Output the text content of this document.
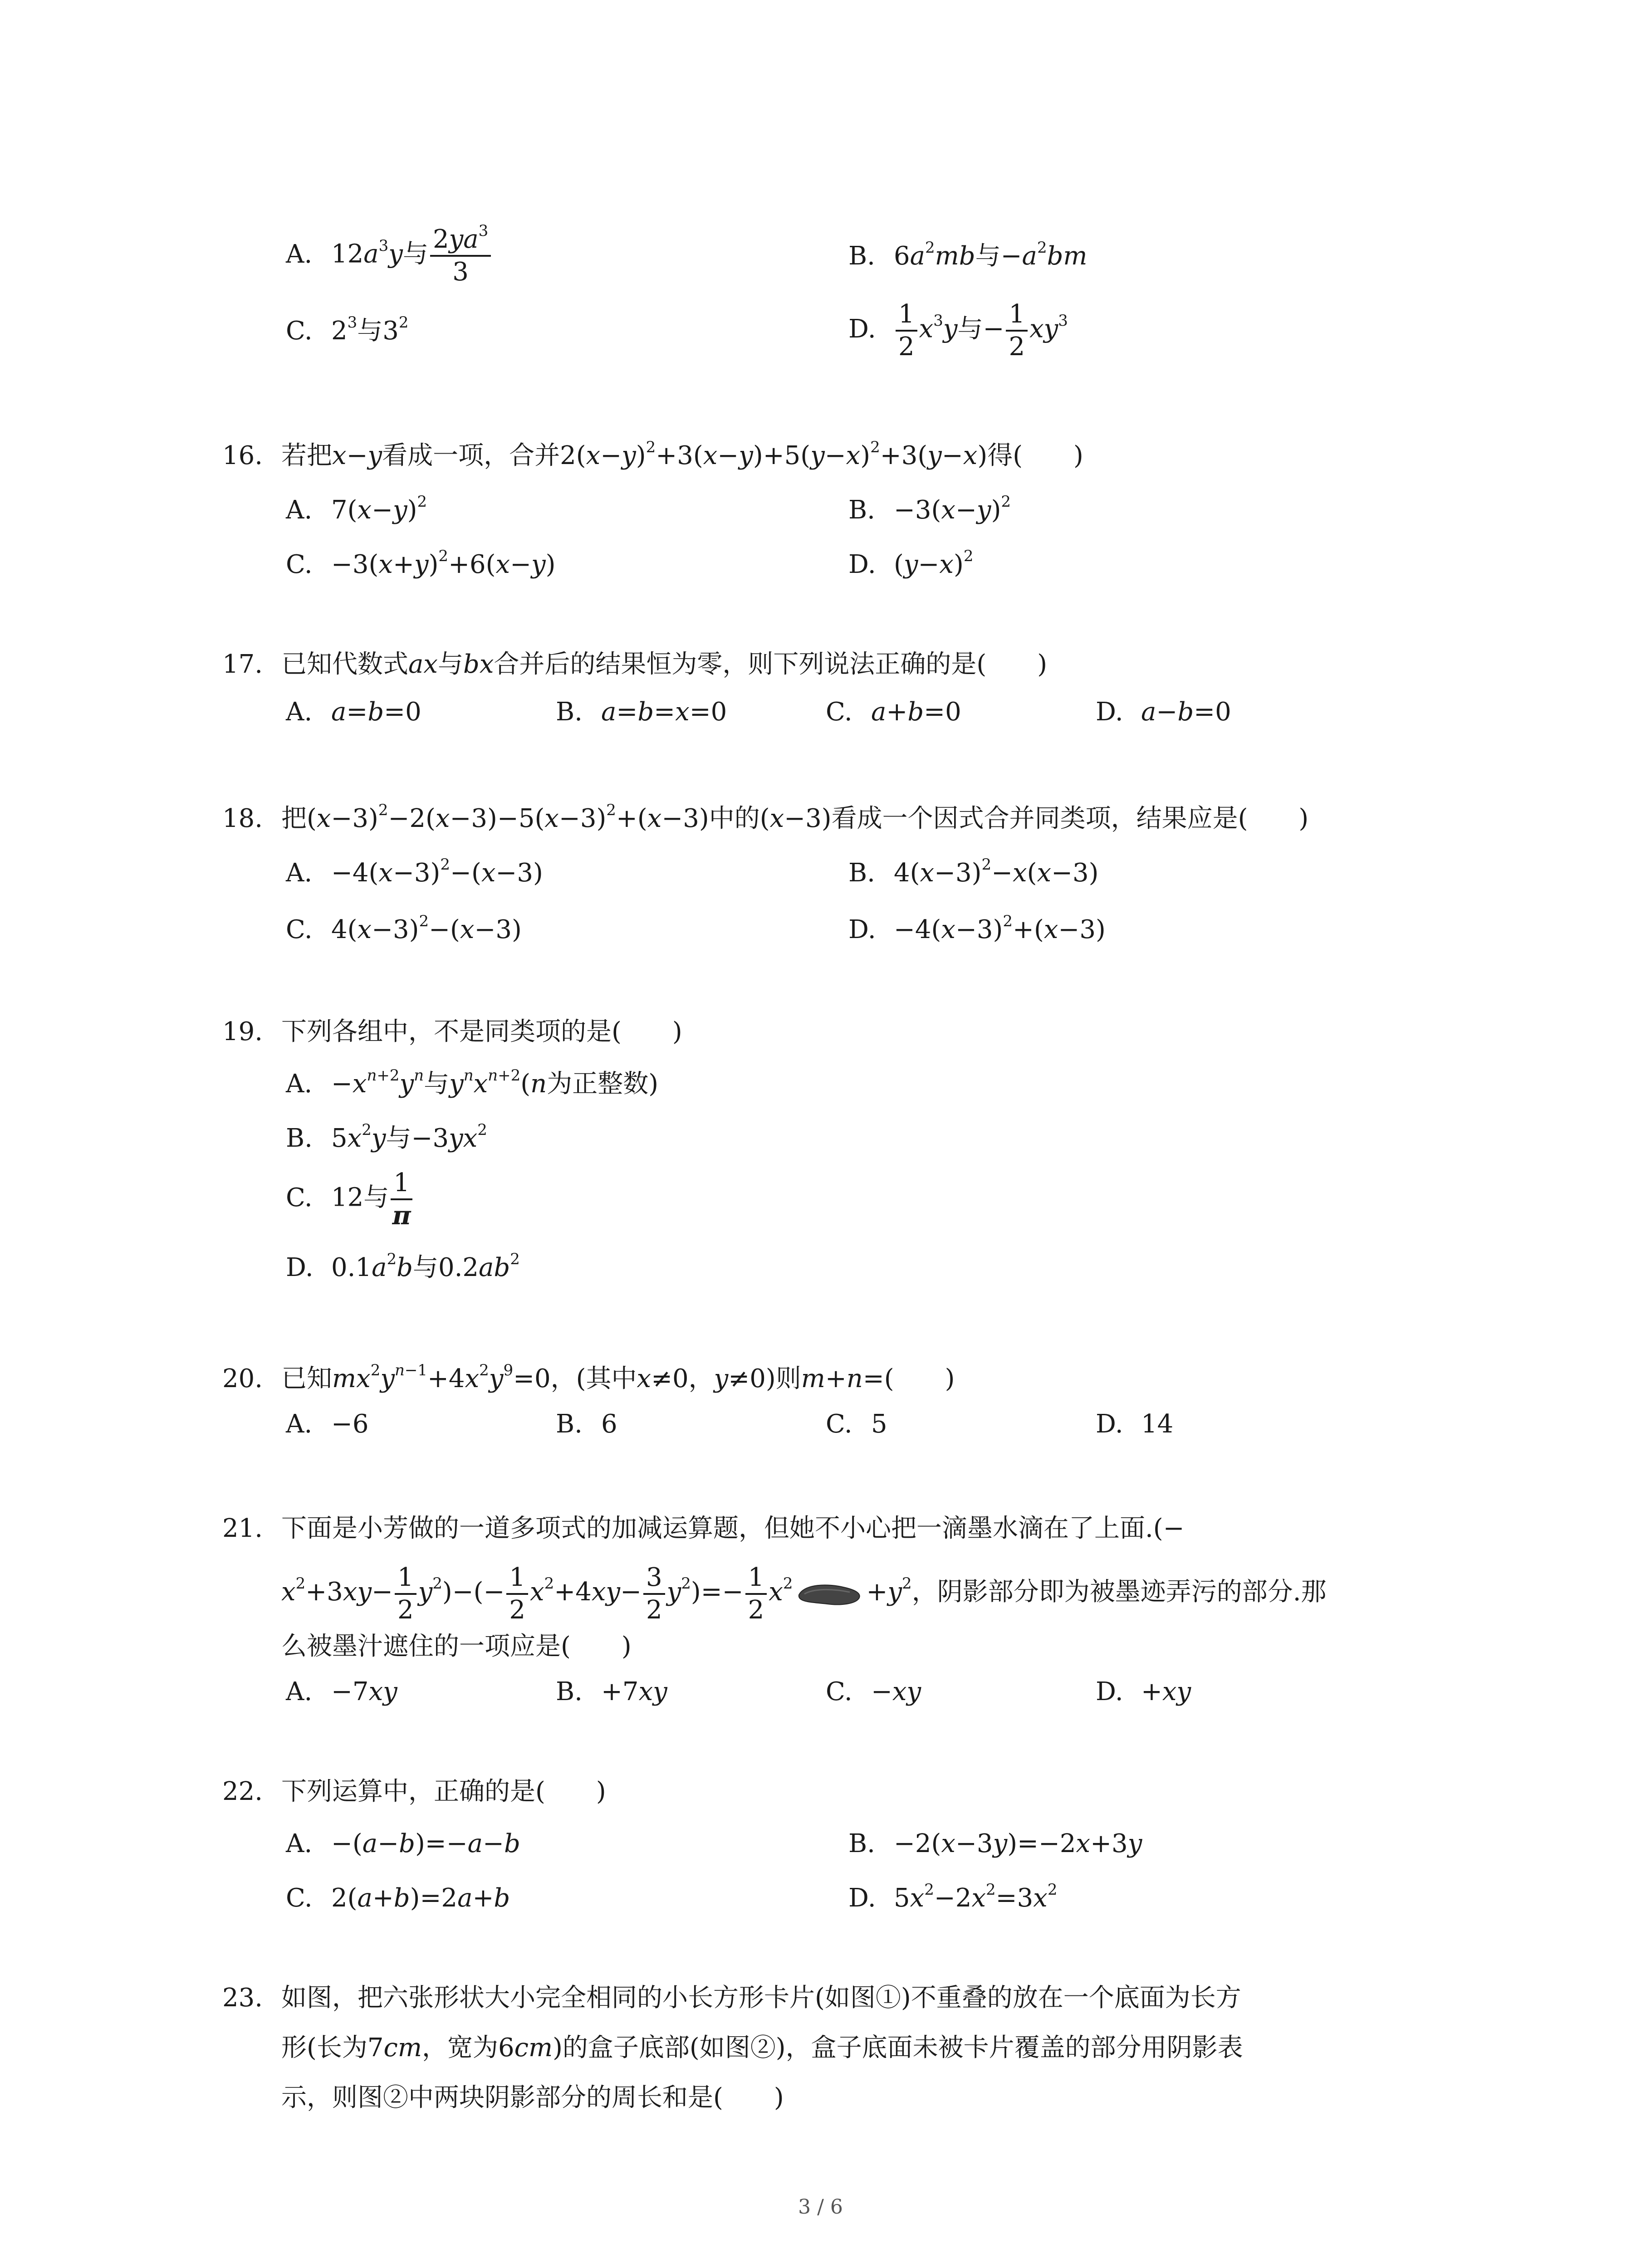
A. $12a^3y$与 $\frac{2ya^3}{3}$	B. $6a^2mb$与$-a^2bm$
C. $2^3$与$3^2$	D. $\frac{1}{2} x^3y$与− $\frac{1}{2} xy^3$
16. 若把x−y看成一项，合并$2(x-y)^2+3(x-y)+5(y-x)^2+3(y-x)$得(　　)
A. $7(x-y)^2$	B. $-3(x-y)^2$
C. $-3(x+y)^2+6(x-y)$	D. $(y-x)^2$
17. 已知代数式ax与bx合并后的结果恒为零，则下列说法正确的是(　　)
A. a=b=0	B. a=b=x=0	C. a+b=0	D. a−b=0
18. 把$(x-3)^2-2(x-3)-5(x-3)^2+(x-3)$中的(x−3)看成一个因式合并同类项，结果应是(　　)
A. $-4(x-3)^2-(x-3)$	B. $4(x-3)^2-x(x-3)$
C. $4(x-3)^2-(x-3)$	D. $-4(x-3)^2+(x-3)$
19. 下列各组中，不是同类项的是(　　)
A. $-x^{n+2}y^n$与$y^nx^{n+2}(n$为正整数)
B. $5x^2y$与$-3yx^2$
C. 12与 $\frac{1}{\pi}$
D. $0.1a^2b$与$0.2ab^2$
20. 已知$mx^2y^{n-1}+4x^2y^9=0$，(其中x≠0，y≠0)则m+n=(　　)
A. −6	B. 6	C. 5	D. 14
21. 下面是小芳做的一道多项式的加减运算题，但她不小心把一滴墨水滴在了上面.(−
$x^2+3xy- \frac{1}{2} y^2)-(- \frac{1}{2} x^2+4xy- \frac{3}{2} y^2)=- \frac{1}{2} x^2$	$+y^2$，阴影部分即为被墨迹弄污的部分.那
么被墨汁遮住的一项应是(　　)
A. −7xy	B. +7xy	C. −xy	D. +xy
22. 下列运算中，正确的是(　　)
A. −(a−b)=−a−b	B. −2(x−3y)=−2x+3y
C. 2(a+b)=2a+b	D. $5x^2-2x^2=3x^2$
23. 如图，把六张形状大小完全相同的小长方形卡片(如图①)不重叠的放在一个底面为长方
形(长为7cm，宽为6cm)的盒子底部(如图②)，盒子底面未被卡片覆盖的部分用阴影表
示，则图②中两块阴影部分的周长和是(　　)
3 / 6
